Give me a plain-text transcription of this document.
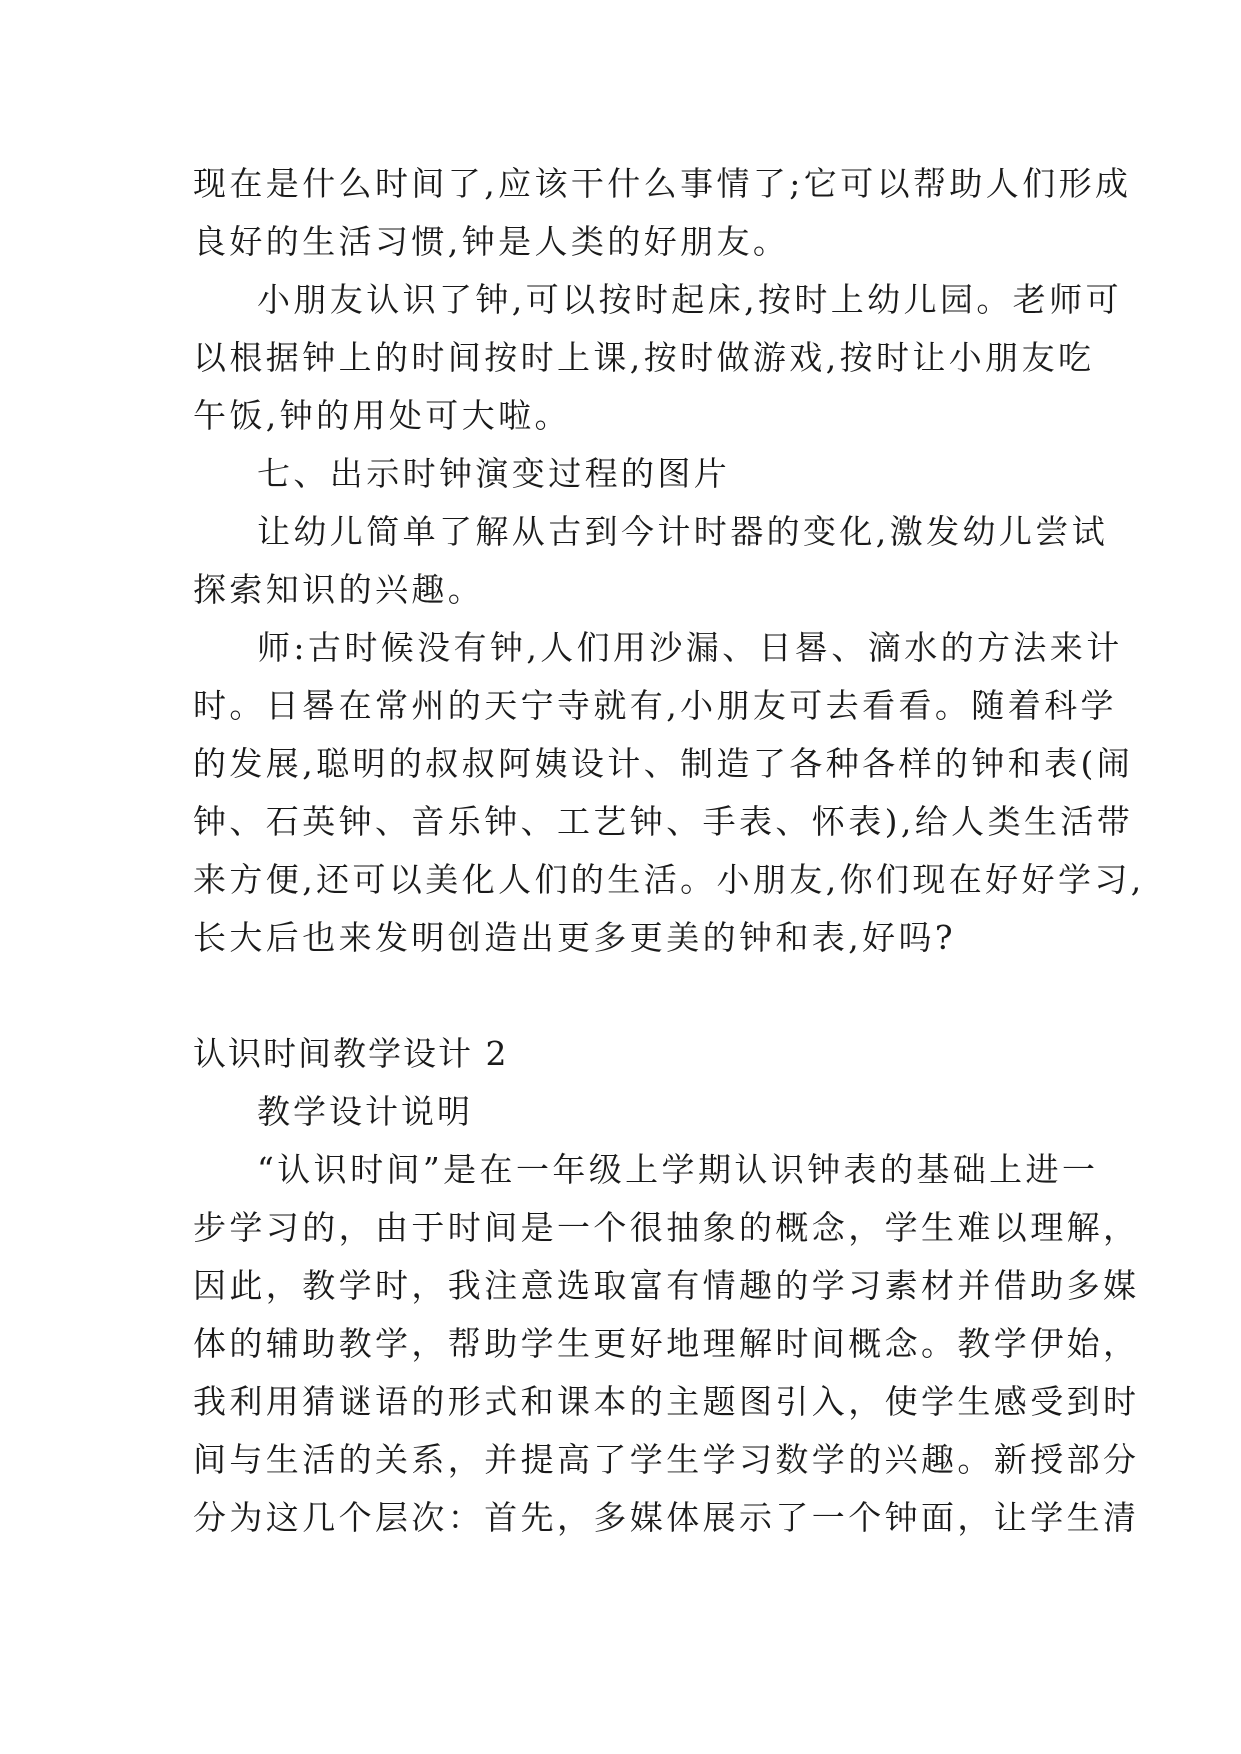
现在是什么时间了,应该干什么事情了;它可以帮助人们形成
良好的生活习惯,钟是人类的好朋友。
小朋友认识了钟,可以按时起床,按时上幼儿园。老师可
以根据钟上的时间按时上课,按时做游戏,按时让小朋友吃
午饭,钟的用处可大啦。
七、出示时钟演变过程的图片
让幼儿简单了解从古到今计时器的变化,激发幼儿尝试
探索知识的兴趣。
师:古时候没有钟,人们用沙漏、日晷、滴水的方法来计
时。日晷在常州的天宁寺就有,小朋友可去看看。随着科学
的发展,聪明的叔叔阿姨设计、制造了各种各样的钟和表(闹
钟、石英钟、音乐钟、工艺钟、手表、怀表),给人类生活带
来方便,还可以美化人们的生活。小朋友,你们现在好好学习,
长大后也来发明创造出更多更美的钟和表,好吗?
认识时间教学设计 2
教学设计说明
“认识时间”是在一年级上学期认识钟表的基础上进一
步学习的，由于时间是一个很抽象的概念，学生难以理解，
因此，教学时，我注意选取富有情趣的学习素材并借助多媒
体的辅助教学，帮助学生更好地理解时间概念。教学伊始，
我利用猜谜语的形式和课本的主题图引入，使学生感受到时
间与生活的关系，并提高了学生学习数学的兴趣。新授部分
分为这几个层次：首先，多媒体展示了一个钟面，让学生清
